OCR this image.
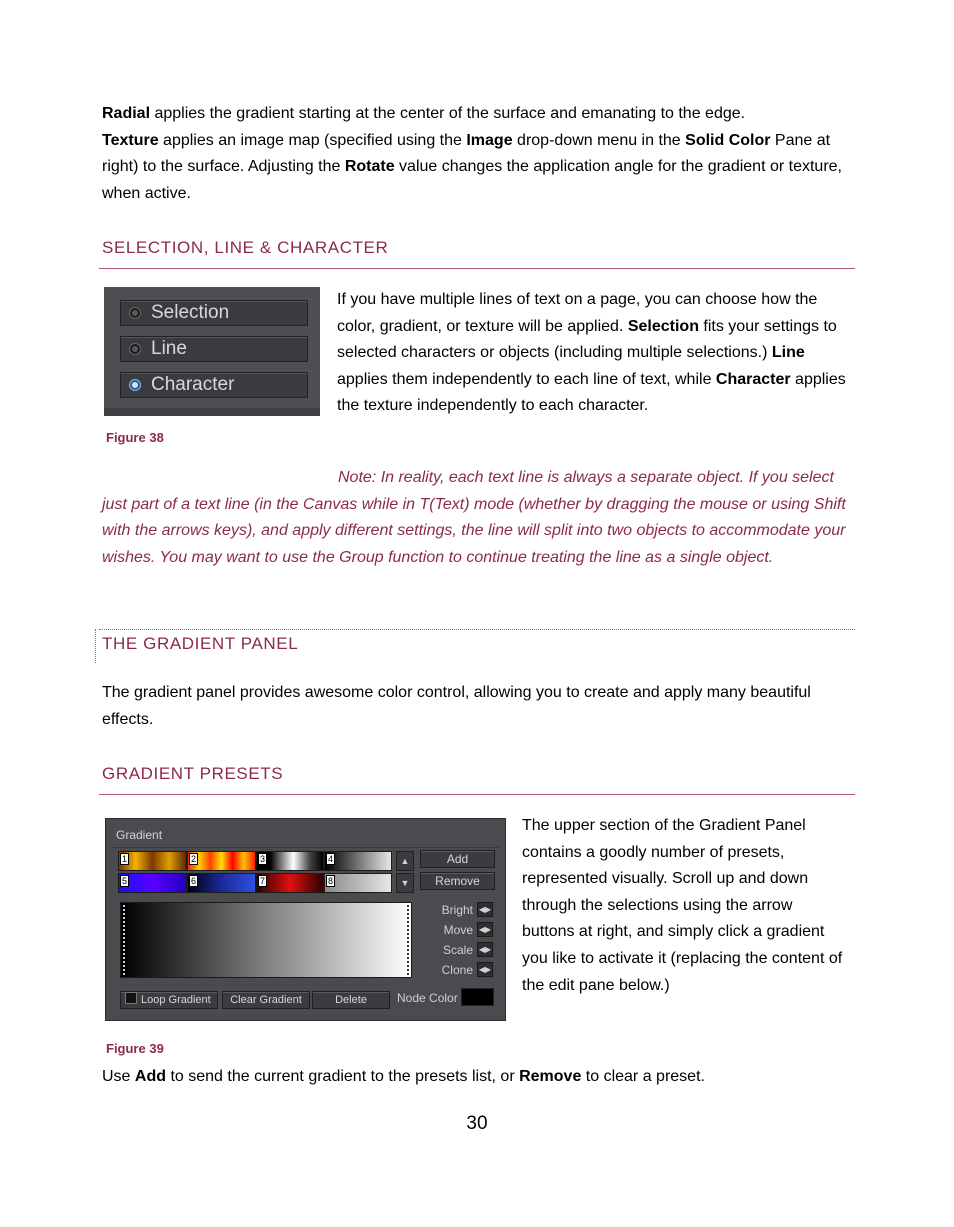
Radial applies the gradient starting at the center of the surface and emanating to the edge.
Texture applies an image map (specified using the Image drop-down menu in the Solid Color Pane at right) to the surface. Adjusting the Rotate value changes the application angle for the gradient or texture, when active.

SELECTION, LINE & CHARACTER
Selection
Line
Character
Figure 38

If you have multiple lines of text on a page, you can choose how the color, gradient, or texture will be applied. Selection fits your settings to selected characters or objects (including multiple selections.) Line applies them independently to each line of text, while Character applies the texture independently to each character.

Note: In reality, each text line is always a separate object. If you select just part of a text line (in the Canvas while in T(Text) mode (whether by dragging the mouse or using Shift with the arrows keys), and apply different settings, the line will split into two objects to accommodate your wishes. You may want to use the Group function to continue treating the line as a single object.

THE GRADIENT PANEL

The gradient panel provides awesome color control, allowing you to create and apply many beautiful effects.

GRADIENT PRESETS
Gradient
1	2	3	4
5	6	7	8
▲
▼
Add
Remove
Bright ◀▶
Move ◀▶
Scale ◀▶
Clone ◀▶
Loop Gradient	Clear Gradient	Delete	Node Color
Figure 39

The upper section of the Gradient Panel contains a goodly number of presets, represented visually. Scroll up and down through the selections using the arrow buttons at right, and simply click a gradient you like to activate it (replacing the content of the edit pane below.)

Use Add to send the current gradient to the presets list, or Remove to clear a preset.

30
